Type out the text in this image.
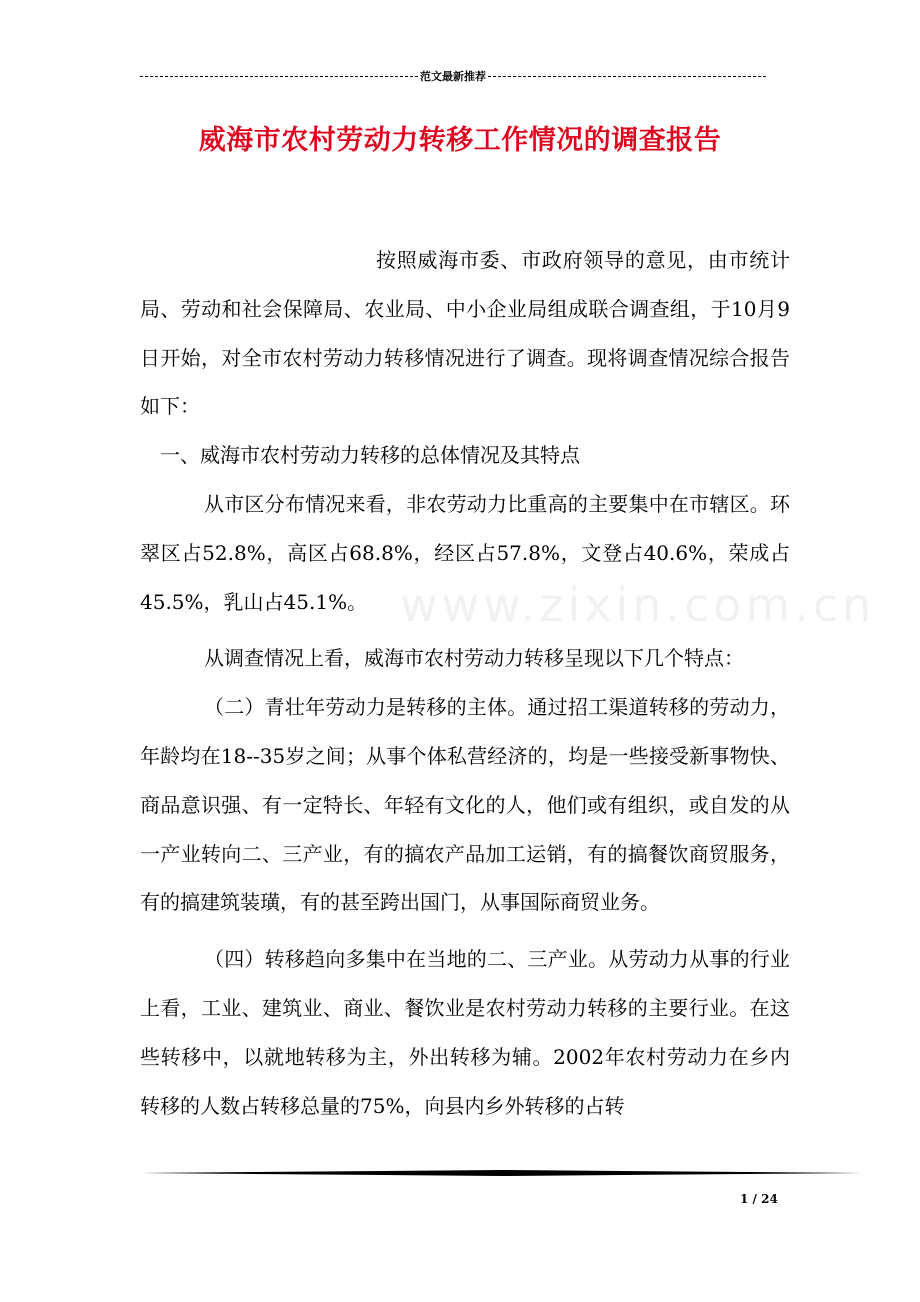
范文最新推荐
威海市农村劳动力转移工作情况的调查报告
www.zixin.com.cn

按照威海市委、市政府领导的意见，由市统计局、劳动和社会保障局、农业局、中小企业局组成联合调查组，于10月9日开始，对全市农村劳动力转移情况进行了调查。现将调查情况综合报告如下：

一、威海市农村劳动力转移的总体情况及其特点

从市区分布情况来看，非农劳动力比重高的主要集中在市辖区。环翠区占52.8%，高区占68.8%，经区占57.8%，文登占40.6%，荣成占45.5%，乳山占45.1%。

从调查情况上看，威海市农村劳动力转移呈现以下几个特点：

（二）青壮年劳动力是转移的主体。通过招工渠道转移的劳动力，年龄均在18--35岁之间；从事个体私营经济的，均是一些接受新事物快、商品意识强、有一定特长、年轻有文化的人，他们或有组织，或自发的从一产业转向二、三产业，有的搞农产品加工运销，有的搞餐饮商贸服务，有的搞建筑装璜，有的甚至跨出国门，从事国际商贸业务。

（四）转移趋向多集中在当地的二、三产业。从劳动力从事的行业上看，工业、建筑业、商业、餐饮业是农村劳动力转移的主要行业。在这些转移中，以就地转移为主，外出转移为辅。2002年农村劳动力在乡内转移的人数占转移总量的75%，向县内乡外转移的占转

1 / 24
